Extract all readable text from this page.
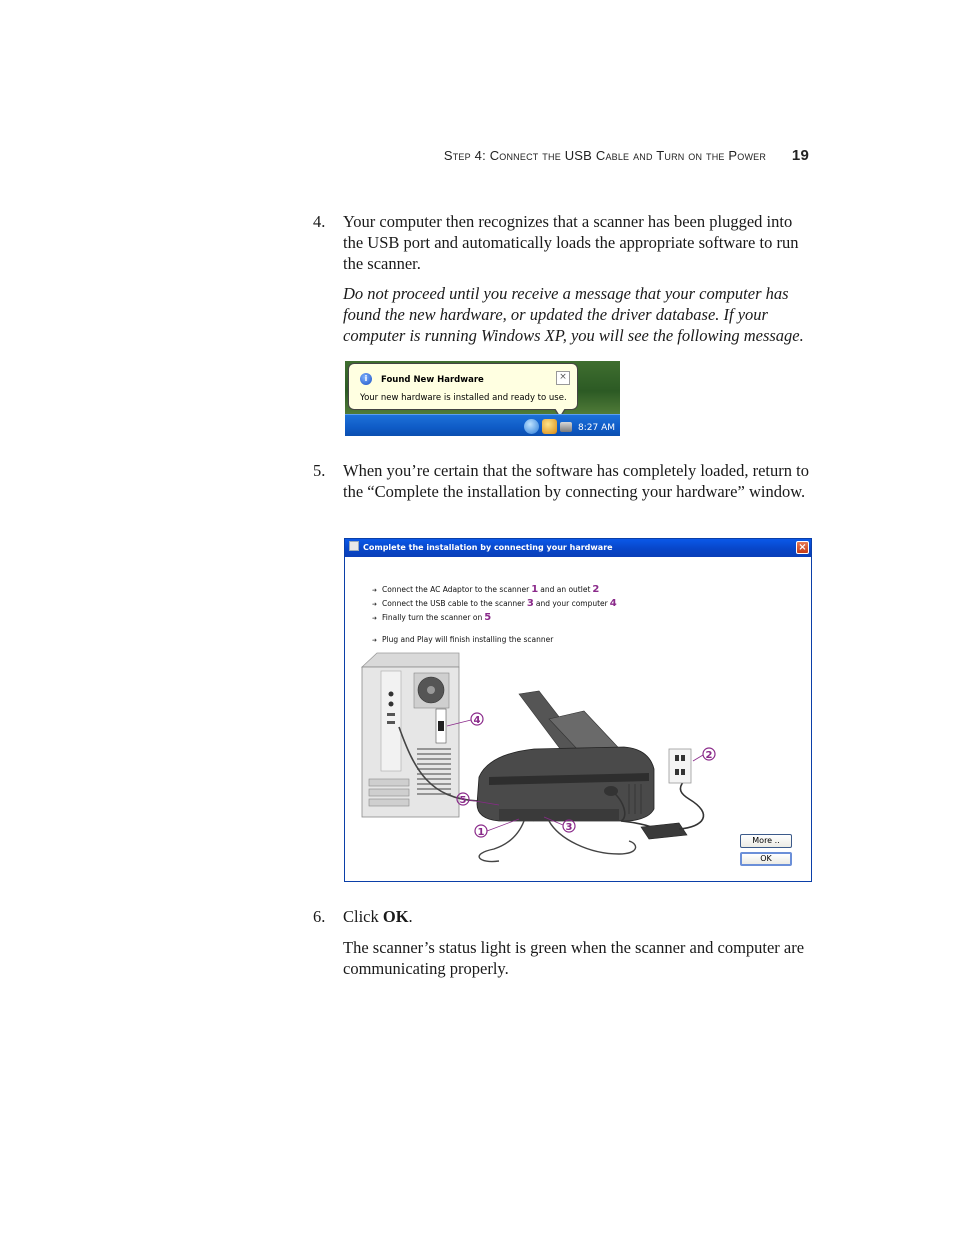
Step 4: Connect the USB Cable and Turn on the Power 19
4. Your computer then recognizes that a scanner has been plugged into the USB port and automatically loads the appropriate software to run the scanner.
Do not proceed until you receive a message that your computer has found the new hardware, or updated the driver database. If your computer is running Windows XP, you will see the following message.
i	Found New Hardware
Your new hardware is installed and ready to use.
×
8:27 AM
5. When you’re certain that the software has completely loaded, return to the “Complete the installation by connecting your hardware” window.
Complete the installation by connecting your hardware	×
➜ Connect the AC Adaptor to the scanner 1 and an outlet 2
➜ Connect the USB cable to the scanner 3 and your computer 4
➜ Finally turn the scanner on 5
➜ Plug and Play will finish installing the scanner
4
2
5
1	3
More ..
OK
6. Click OK.
The scanner’s status light is green when the scanner and computer are communicating properly.
